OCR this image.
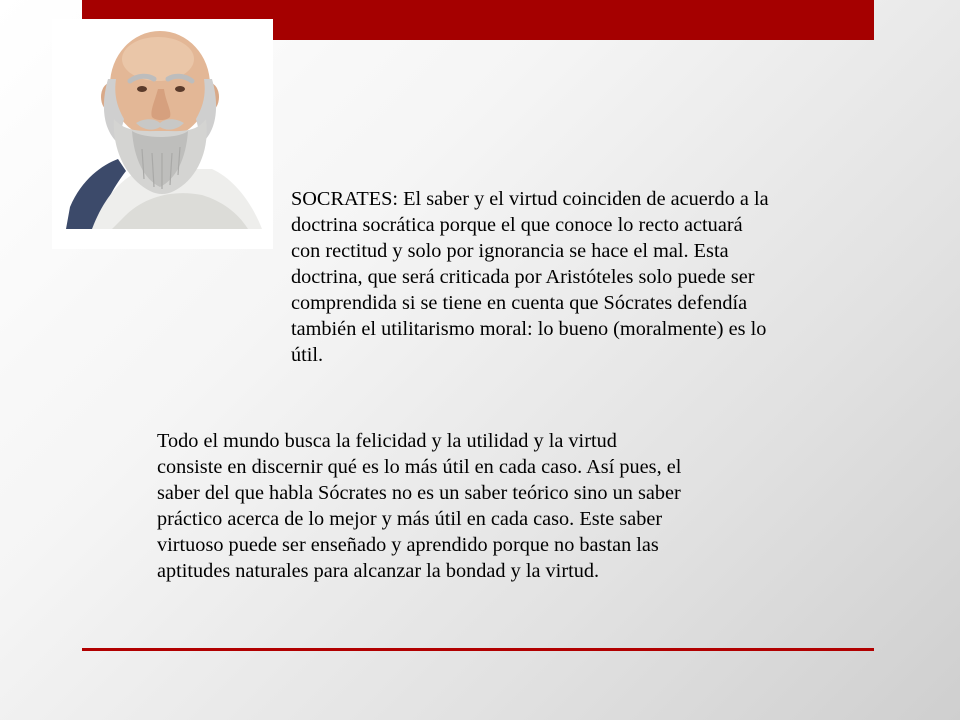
SOCRATES: El saber y el virtud coinciden de acuerdo a la
doctrina socrática porque el que conoce lo recto actuará
con rectitud y solo por ignorancia se hace el mal. Esta
doctrina, que será criticada por Aristóteles solo puede ser
comprendida si se tiene en cuenta que Sócrates defendía
también el utilitarismo moral: lo bueno (moralmente) es lo
útil.

Todo el mundo busca la felicidad y la utilidad y la virtud
consiste en discernir qué es lo más útil en cada caso. Así pues, el
saber del que habla Sócrates no es un saber teórico sino un saber
práctico acerca de lo mejor y más útil en cada caso. Este saber
virtuoso puede ser enseñado y aprendido porque no bastan las
aptitudes naturales para alcanzar la bondad y la virtud.
